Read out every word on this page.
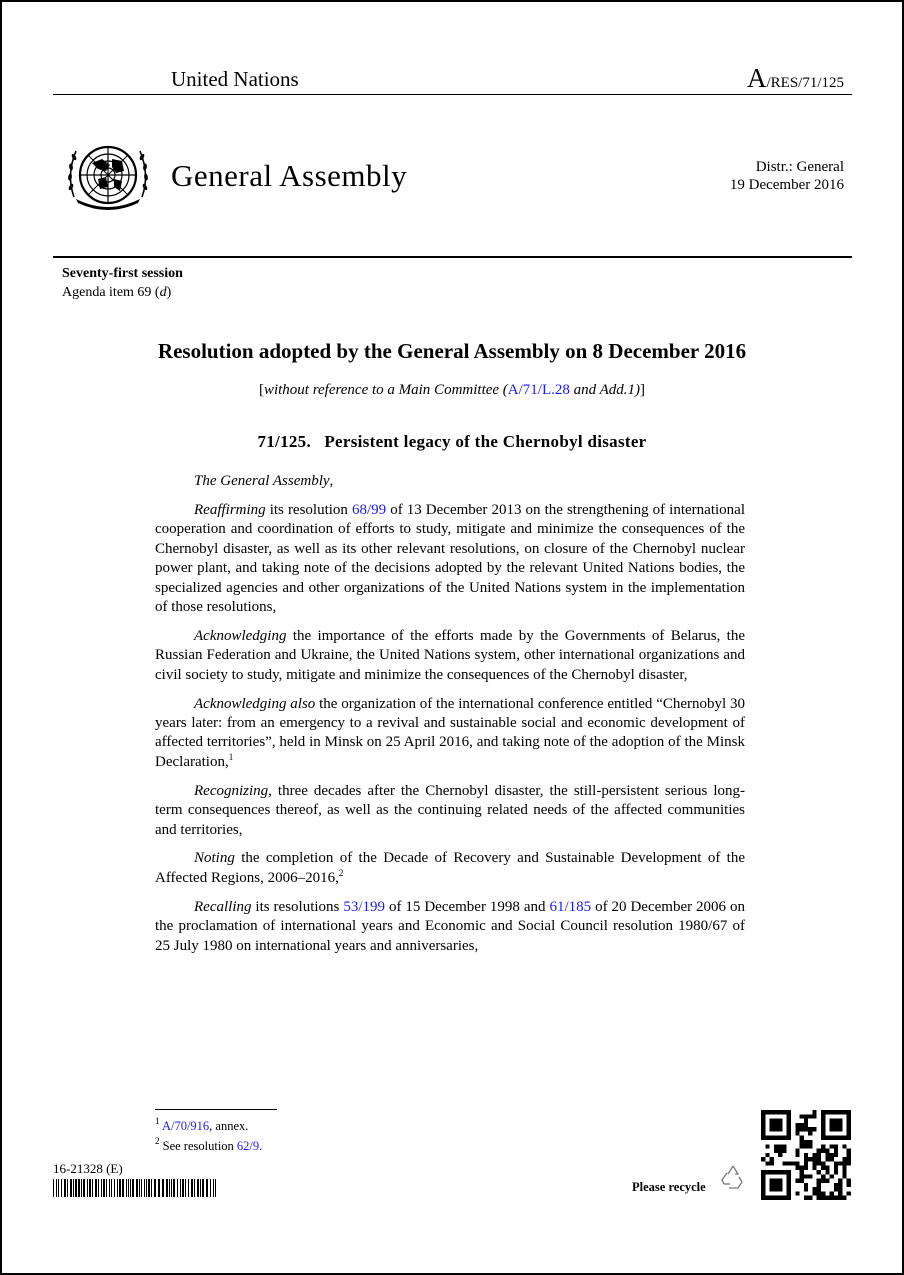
United Nations	A/RES/71/125
General Assembly	Distr.: General
19 December 2016
Seventy-first session
Agenda item 69 (d)
Resolution adopted by the General Assembly on 8 December 2016
[without reference to a Main Committee (A/71/L.28 and Add.1)]
71/125.  Persistent legacy of the Chernobyl disaster

The General Assembly,

Reaffirming its resolution 68/99 of 13 December 2013 on the strengthening of international cooperation and coordination of efforts to study, mitigate and minimize the consequences of the Chernobyl disaster, as well as its other relevant resolutions, on closure of the Chernobyl nuclear power plant, and taking note of the decisions adopted by the relevant United Nations bodies, the specialized agencies and other organizations of the United Nations system in the implementation of those resolutions,

Acknowledging the importance of the efforts made by the Governments of Belarus, the Russian Federation and Ukraine, the United Nations system, other international organizations and civil society to study, mitigate and minimize the consequences of the Chernobyl disaster,

Acknowledging also the organization of the international conference entitled “Chernobyl 30 years later: from an emergency to a revival and sustainable social and economic development of affected territories”, held in Minsk on 25 April 2016, and taking note of the adoption of the Minsk Declaration,$^1$

Recognizing, three decades after the Chernobyl disaster, the still-persistent serious long-term consequences thereof, as well as the continuing related needs of the affected communities and territories,

Noting the completion of the Decade of Recovery and Sustainable Development of the Affected Regions, 2006–2016,$^2$

Recalling its resolutions 53/199 of 15 December 1998 and 61/185 of 20 December 2006 on the proclamation of international years and Economic and Social Council resolution 1980/67 of 25 July 1980 on international years and anniversaries,

$^1$ A/70/916, annex.
$^2$ See resolution 62/9.
16-21328 (E)
Please recycle
